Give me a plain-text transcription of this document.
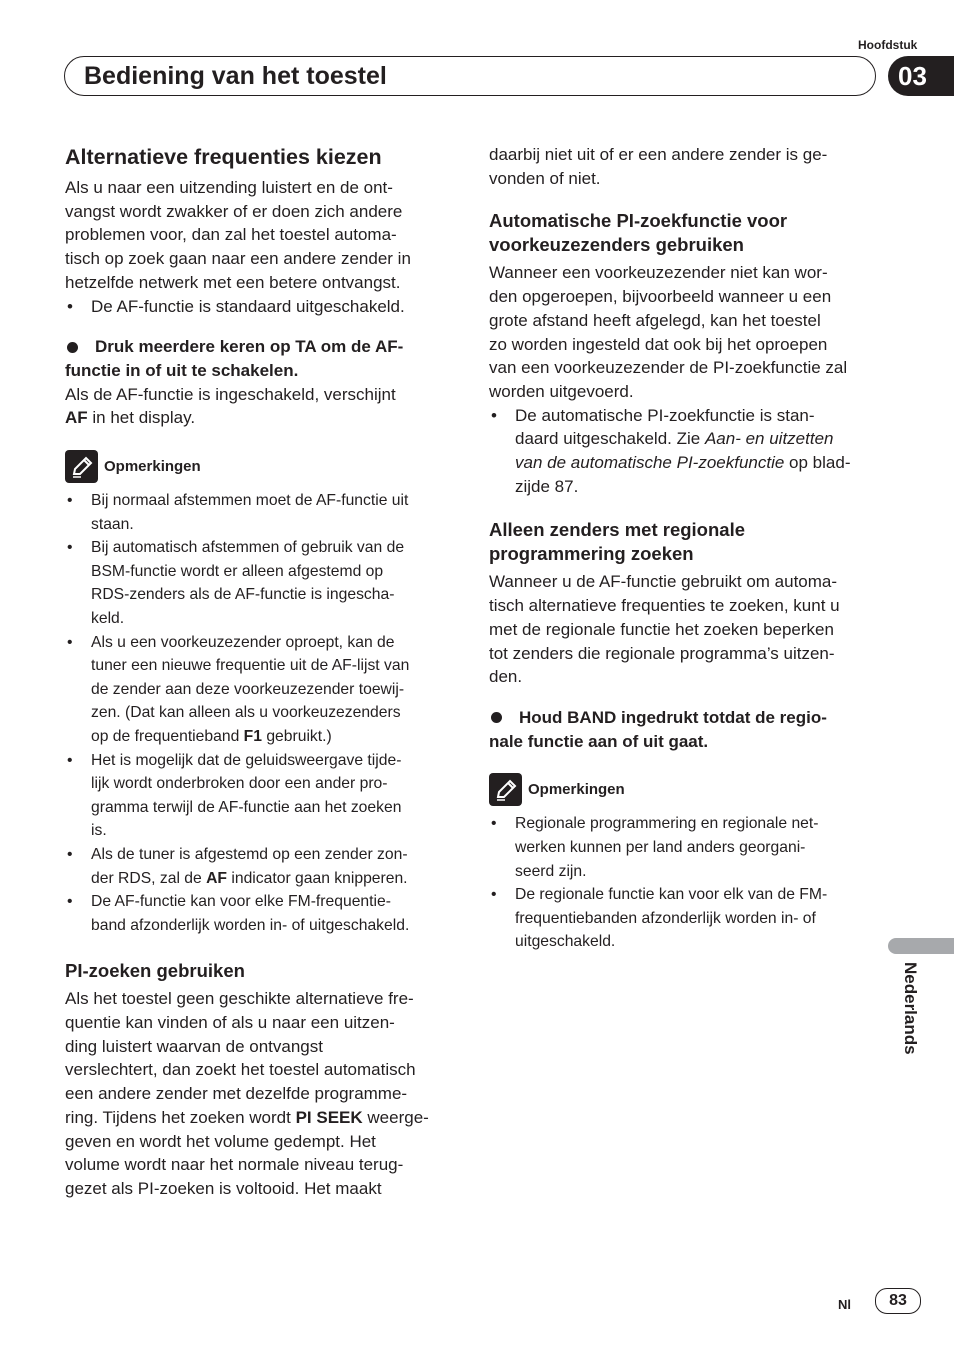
Hoofdstuk
Bediening van het toestel	03
Alternatieve frequenties kiezen
Als u naar een uitzending luistert en de ont-
vangst wordt zwakker of er doen zich andere
problemen voor, dan zal het toestel automa-
tisch op zoek gaan naar een andere zender in
hetzelfde netwerk met een betere ontvangst.
• De AF-functie is standaard uitgeschakeld.
Druk meerdere keren op TA om de AF-
functie in of uit te schakelen.

Als de AF-functie is ingeschakeld, verschijnt
AF in het display.

Opmerkingen
• Bij normaal afstemmen moet de AF-functie uit
staan.
• Bij automatisch afstemmen of gebruik van de
BSM-functie wordt er alleen afgestemd op
RDS-zenders als de AF-functie is ingescha-
keld.
• Als u een voorkeuzezender oproept, kan de
tuner een nieuwe frequentie uit de AF-lijst van
de zender aan deze voorkeuzezender toewij-
zen. (Dat kan alleen als u voorkeuzezenders
op de frequentieband F1 gebruikt.)
• Het is mogelijk dat de geluidsweergave tijde-
lijk wordt onderbroken door een ander pro-
gramma terwijl de AF-functie aan het zoeken
is.
• Als de tuner is afgestemd op een zender zon-
der RDS, zal de AF indicator gaan knipperen.
• De AF-functie kan voor elke FM-frequentie-
band afzonderlijk worden in- of uitgeschakeld.
PI-zoeken gebruiken
Als het toestel geen geschikte alternatieve fre-
quentie kan vinden of als u naar een uitzen-
ding luistert waarvan de ontvangst
verslechtert, dan zoekt het toestel automatisch
een andere zender met dezelfde programme-
ring. Tijdens het zoeken wordt PI SEEK weerge-
geven en wordt het volume gedempt. Het
volume wordt naar het normale niveau terug-
gezet als PI-zoeken is voltooid. Het maakt
daarbij niet uit of er een andere zender is ge-
vonden of niet.
Automatische PI-zoekfunctie voor
voorkeuzezenders gebruiken
Wanneer een voorkeuzezender niet kan wor-
den opgeroepen, bijvoorbeeld wanneer u een
grote afstand heeft afgelegd, kan het toestel
zo worden ingesteld dat ook bij het oproepen
van een voorkeuzezender de PI-zoekfunctie zal
worden uitgevoerd.
• De automatische PI-zoekfunctie is stan-
daard uitgeschakeld. Zie Aan- en uitzetten
van de automatische PI-zoekfunctie op blad-
zijde 87.
Alleen zenders met regionale
programmering zoeken
Wanneer u de AF-functie gebruikt om automa-
tisch alternatieve frequenties te zoeken, kunt u
met de regionale functie het zoeken beperken
tot zenders die regionale programma’s uitzen-
den.
Houd BAND ingedrukt totdat de regio-
nale functie aan of uit gaat.
Opmerkingen
• Regionale programmering en regionale net-
werken kunnen per land anders georgani-
seerd zijn.
• De regionale functie kan voor elk van de FM-
frequentiebanden afzonderlijk worden in- of
uitgeschakeld.
Nederlands
Nl	83
